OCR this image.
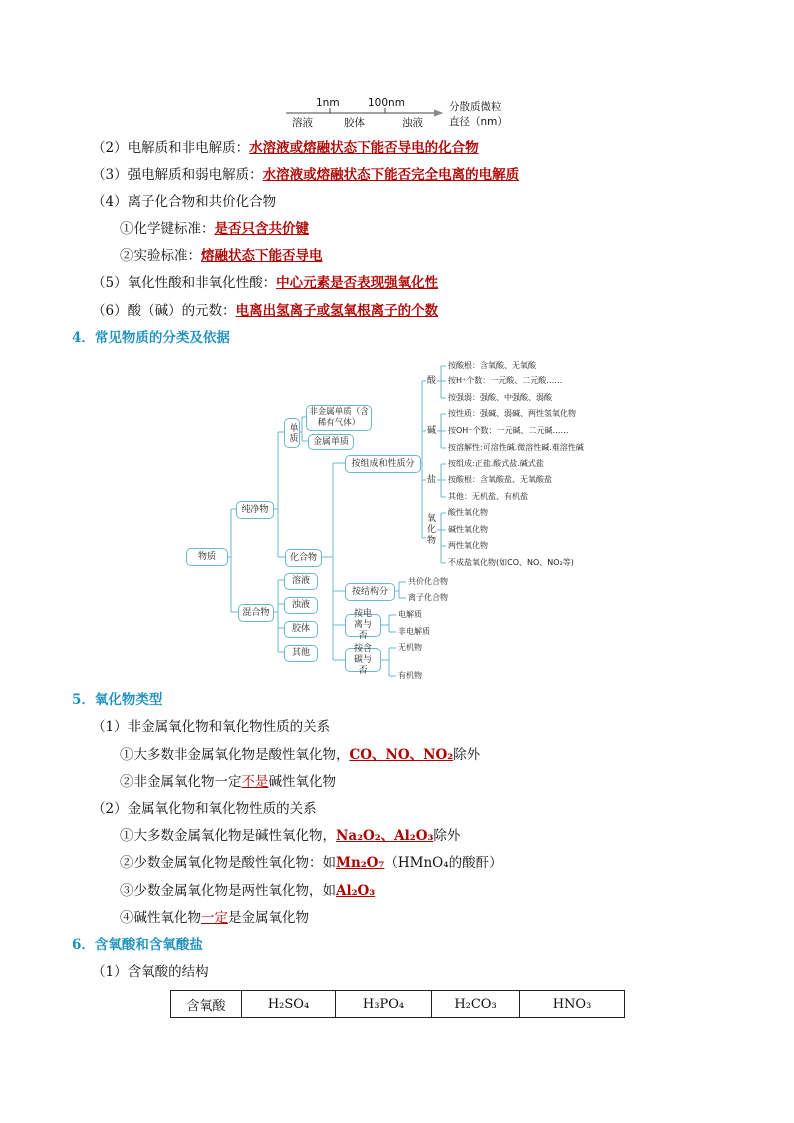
1nm	100nm
溶液	胶体	浊液
分散质微粒
直径（nm）
（2）电解质和非电解质：水溶液或熔融状态下能否导电的化合物
（3）强电解质和弱电解质：水溶液或熔融状态下能否完全电离的电解质
（4）离子化合物和共价化合物
①化学键标准：是否只含共价键
②实验标准：熔融状态下能否导电
（5）氧化性酸和非氧化性酸：中心元素是否表现强氧化性
（6）酸（碱）的元数：电离出氢离子或氢氧根离子的个数
4．常见物质的分类及依据
物质
纯净物
混合物
单质
非金属单质（含稀有气体）
金属单质
化合物
按组成和性质分
酸
碱
盐
氧化物
按酸根：含氧酸、无氧酸
按H⁺个数：一元酸、二元酸……
按强弱：强酸、中强酸、弱酸
按性质：强碱、弱碱、两性氢氧化物
按OH⁻个数：一元碱、二元碱……
按溶解性:可溶性碱.微溶性碱.难溶性碱
按组成:正盐.酸式盐.碱式盐
按酸根：含氧酸盐、无氧酸盐
其他：无机盐、有机盐
酸性氧化物
碱性氧化物
两性氧化物
不成盐氧化物(如CO、NO、NO₂等)
溶液
浊液
胶体
其他
按结构分
共价化合物
离子化合物
按电离与否
电解质
非电解质
按含碳与否
无机物
有机物
5．氧化物类型
（1）非金属氧化物和氧化物性质的关系
①大多数非金属氧化物是酸性氧化物，CO、NO、NO₂除外
②非金属氧化物一定不是碱性氧化物
（2）金属氧化物和氧化物性质的关系
①大多数金属氧化物是碱性氧化物，Na₂O₂、Al₂O₃除外
②少数金属氧化物是酸性氧化物：如Mn₂O₇（HMnO₄的酸酐）
③少数金属氧化物是两性氧化物，如Al₂O₃
④碱性氧化物一定是金属氧化物
6．含氧酸和含氧酸盐
（1）含氧酸的结构
含氧酸	H₂SO₄	H₃PO₄	H₂CO₃	HNO₃
